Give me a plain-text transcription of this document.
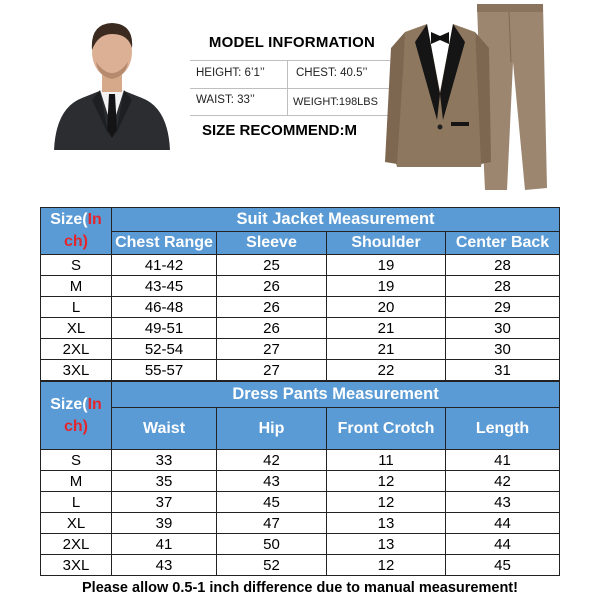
MODEL INFORMATION
HEIGHT: 6’1’’	CHEST: 40.5’’
WAIST: 33’’	WEIGHT:198LBS
SIZE RECOMMEND:M
Size(In
ch)	Suit Jacket Measurement			
	Chest Range	Sleeve	Shoulder	Center Back
S	41-42	25	19	28
M	43-45	26	19	28
L	46-48	26	20	29
XL	49-51	26	21	30
2XL	52-54	27	21	30
3XL	55-57	27	22	31
Size(In
ch)	Dress Pants Measurement			
	Waist	Hip	Front Crotch	Length
S	33	42	11	41
M	35	43	12	42
L	37	45	12	43
XL	39	47	13	44
2XL	41	50	13	44
3XL	43	52	12	45
Please allow 0.5-1 inch difference due to manual measurement!
